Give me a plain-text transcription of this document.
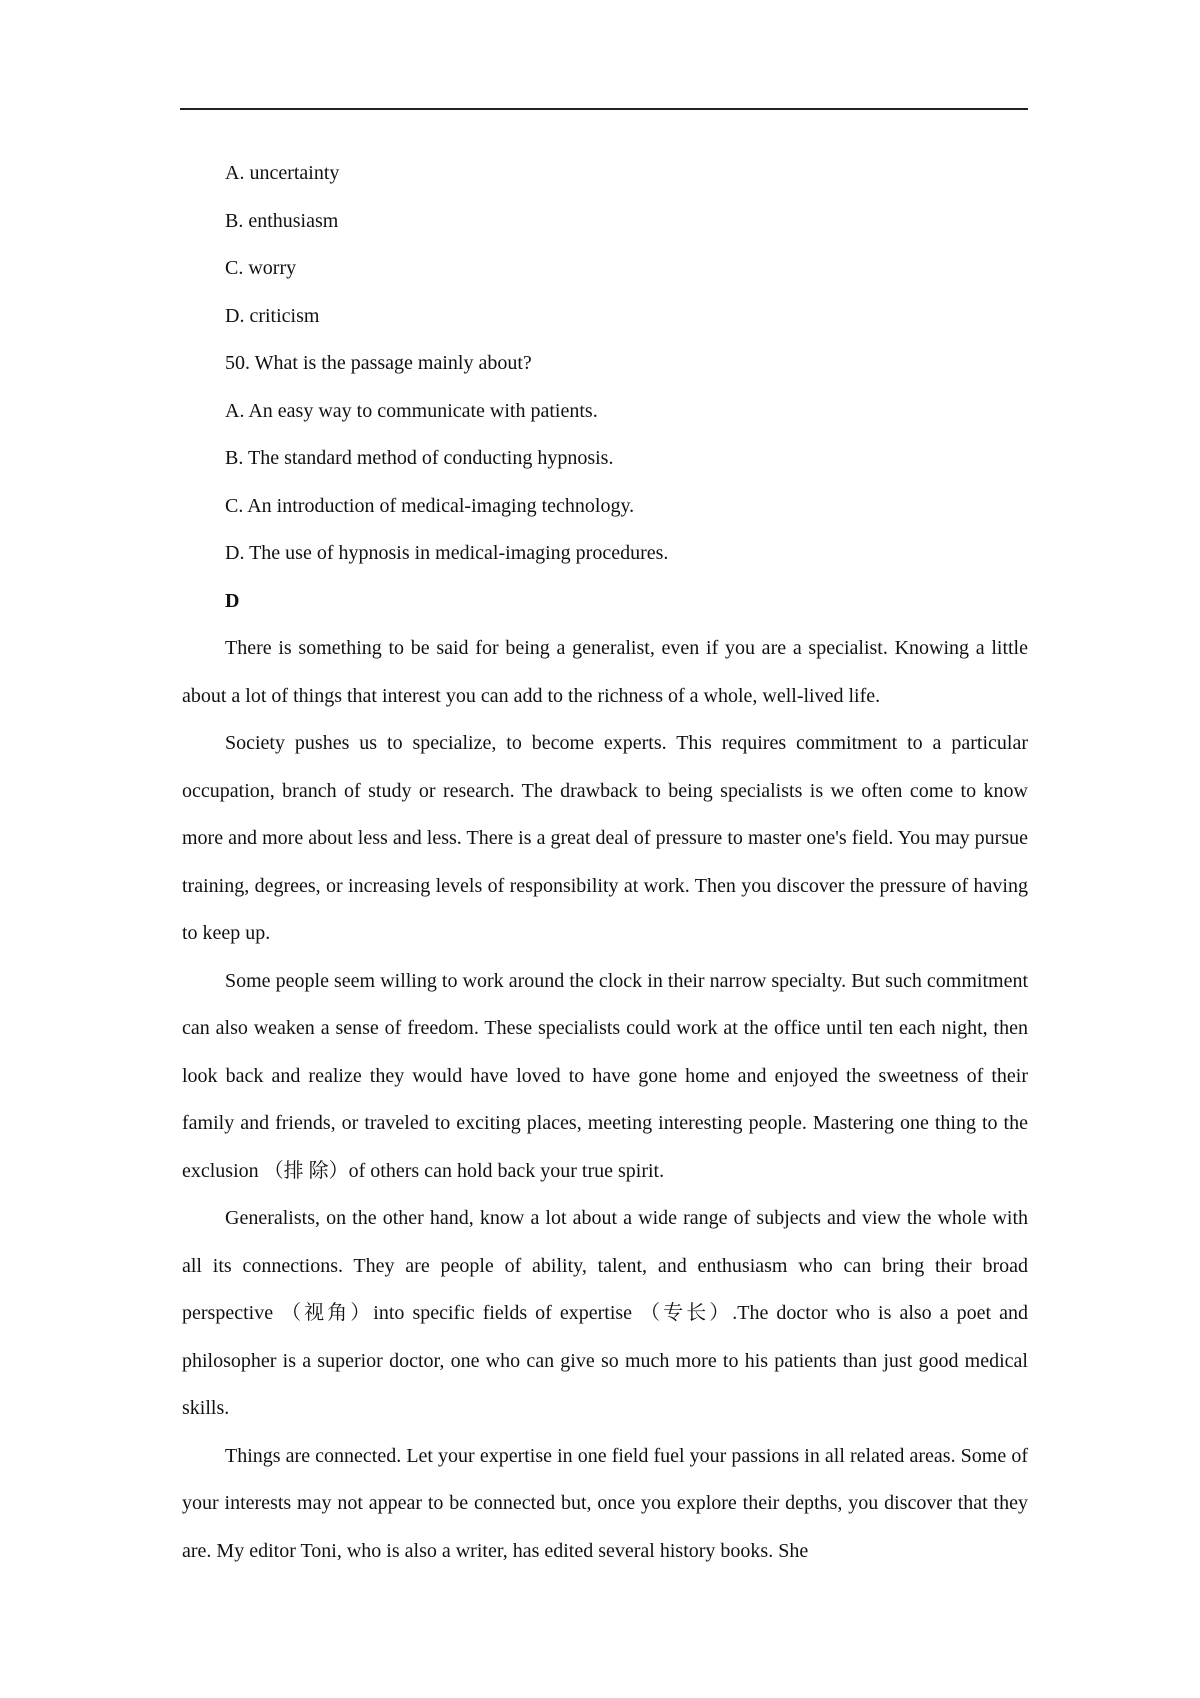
A. uncertainty

B. enthusiasm

C. worry

D. criticism

50. What is the passage mainly about?

A. An easy way to communicate with patients.

B. The standard method of conducting hypnosis.

C. An introduction of medical-imaging technology.

D. The use of hypnosis in medical-imaging procedures.

D

There is something to be said for being a generalist, even if you are a specialist. Knowing a little about a lot of things that interest you can add to the richness of a whole, well-lived life.

Society pushes us to specialize, to become experts. This requires commitment to a particular occupation, branch of study or research. The drawback to being specialists is we often come to know more and more about less and less. There is a great deal of pressure to master one's field. You may pursue training, degrees, or increasing levels of responsibility at work. Then you discover the pressure of having to keep up.

Some people seem willing to work around the clock in their narrow specialty. But such commitment can also weaken a sense of freedom. These specialists could work at the office until ten each night, then look back and realize they would have loved to have gone home and enjoyed the sweetness of their family and friends, or traveled to exciting places, meeting interesting people. Mastering one thing to the exclusion （排 除）of others can hold back your true spirit.

Generalists, on the other hand, know a lot about a wide range of subjects and view the whole with all its connections. They are people of ability, talent, and enthusiasm who can bring their broad perspective （视角）into specific fields of expertise （专长）.The doctor who is also a poet and philosopher is a superior doctor, one who can give so much more to his patients than just good medical skills.

Things are connected. Let your expertise in one field fuel your passions in all related areas. Some of your interests may not appear to be connected but, once you explore their depths, you discover that they are. My editor Toni, who is also a writer, has edited several history books. She
